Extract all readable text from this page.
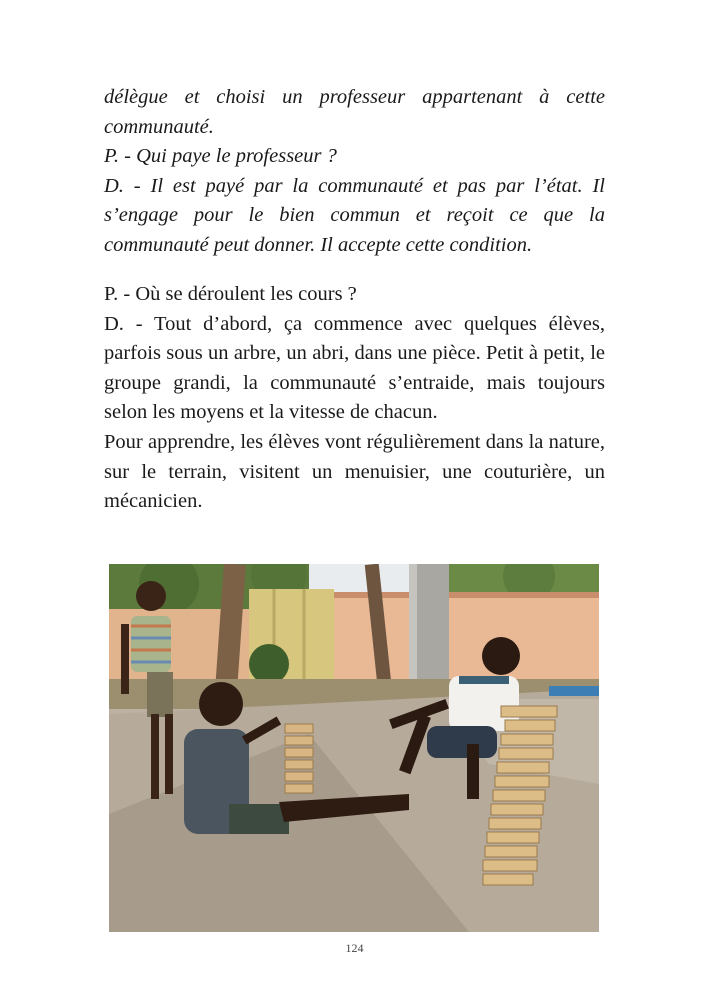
délègue et choisi un professeur appartenant à cette communauté.

P. - Qui paye le professeur ?

D. - Il est payé par la communauté et pas par l’état. Il s’engage pour le bien commun et reçoit ce que la communauté peut donner. Il accepte cette condition.

P. - Où se déroulent les cours ?

D. - Tout d’abord, ça commence avec quelques élèves, parfois sous un arbre, un abri, dans une pièce. Petit à petit, le groupe grandi, la communauté s’entraide, mais toujours selon les moyens et la vitesse de chacun.

Pour apprendre, les élèves vont régulièrement dans la nature, sur le terrain, visitent un menuisier, une couturière, un mécanicien.

124
